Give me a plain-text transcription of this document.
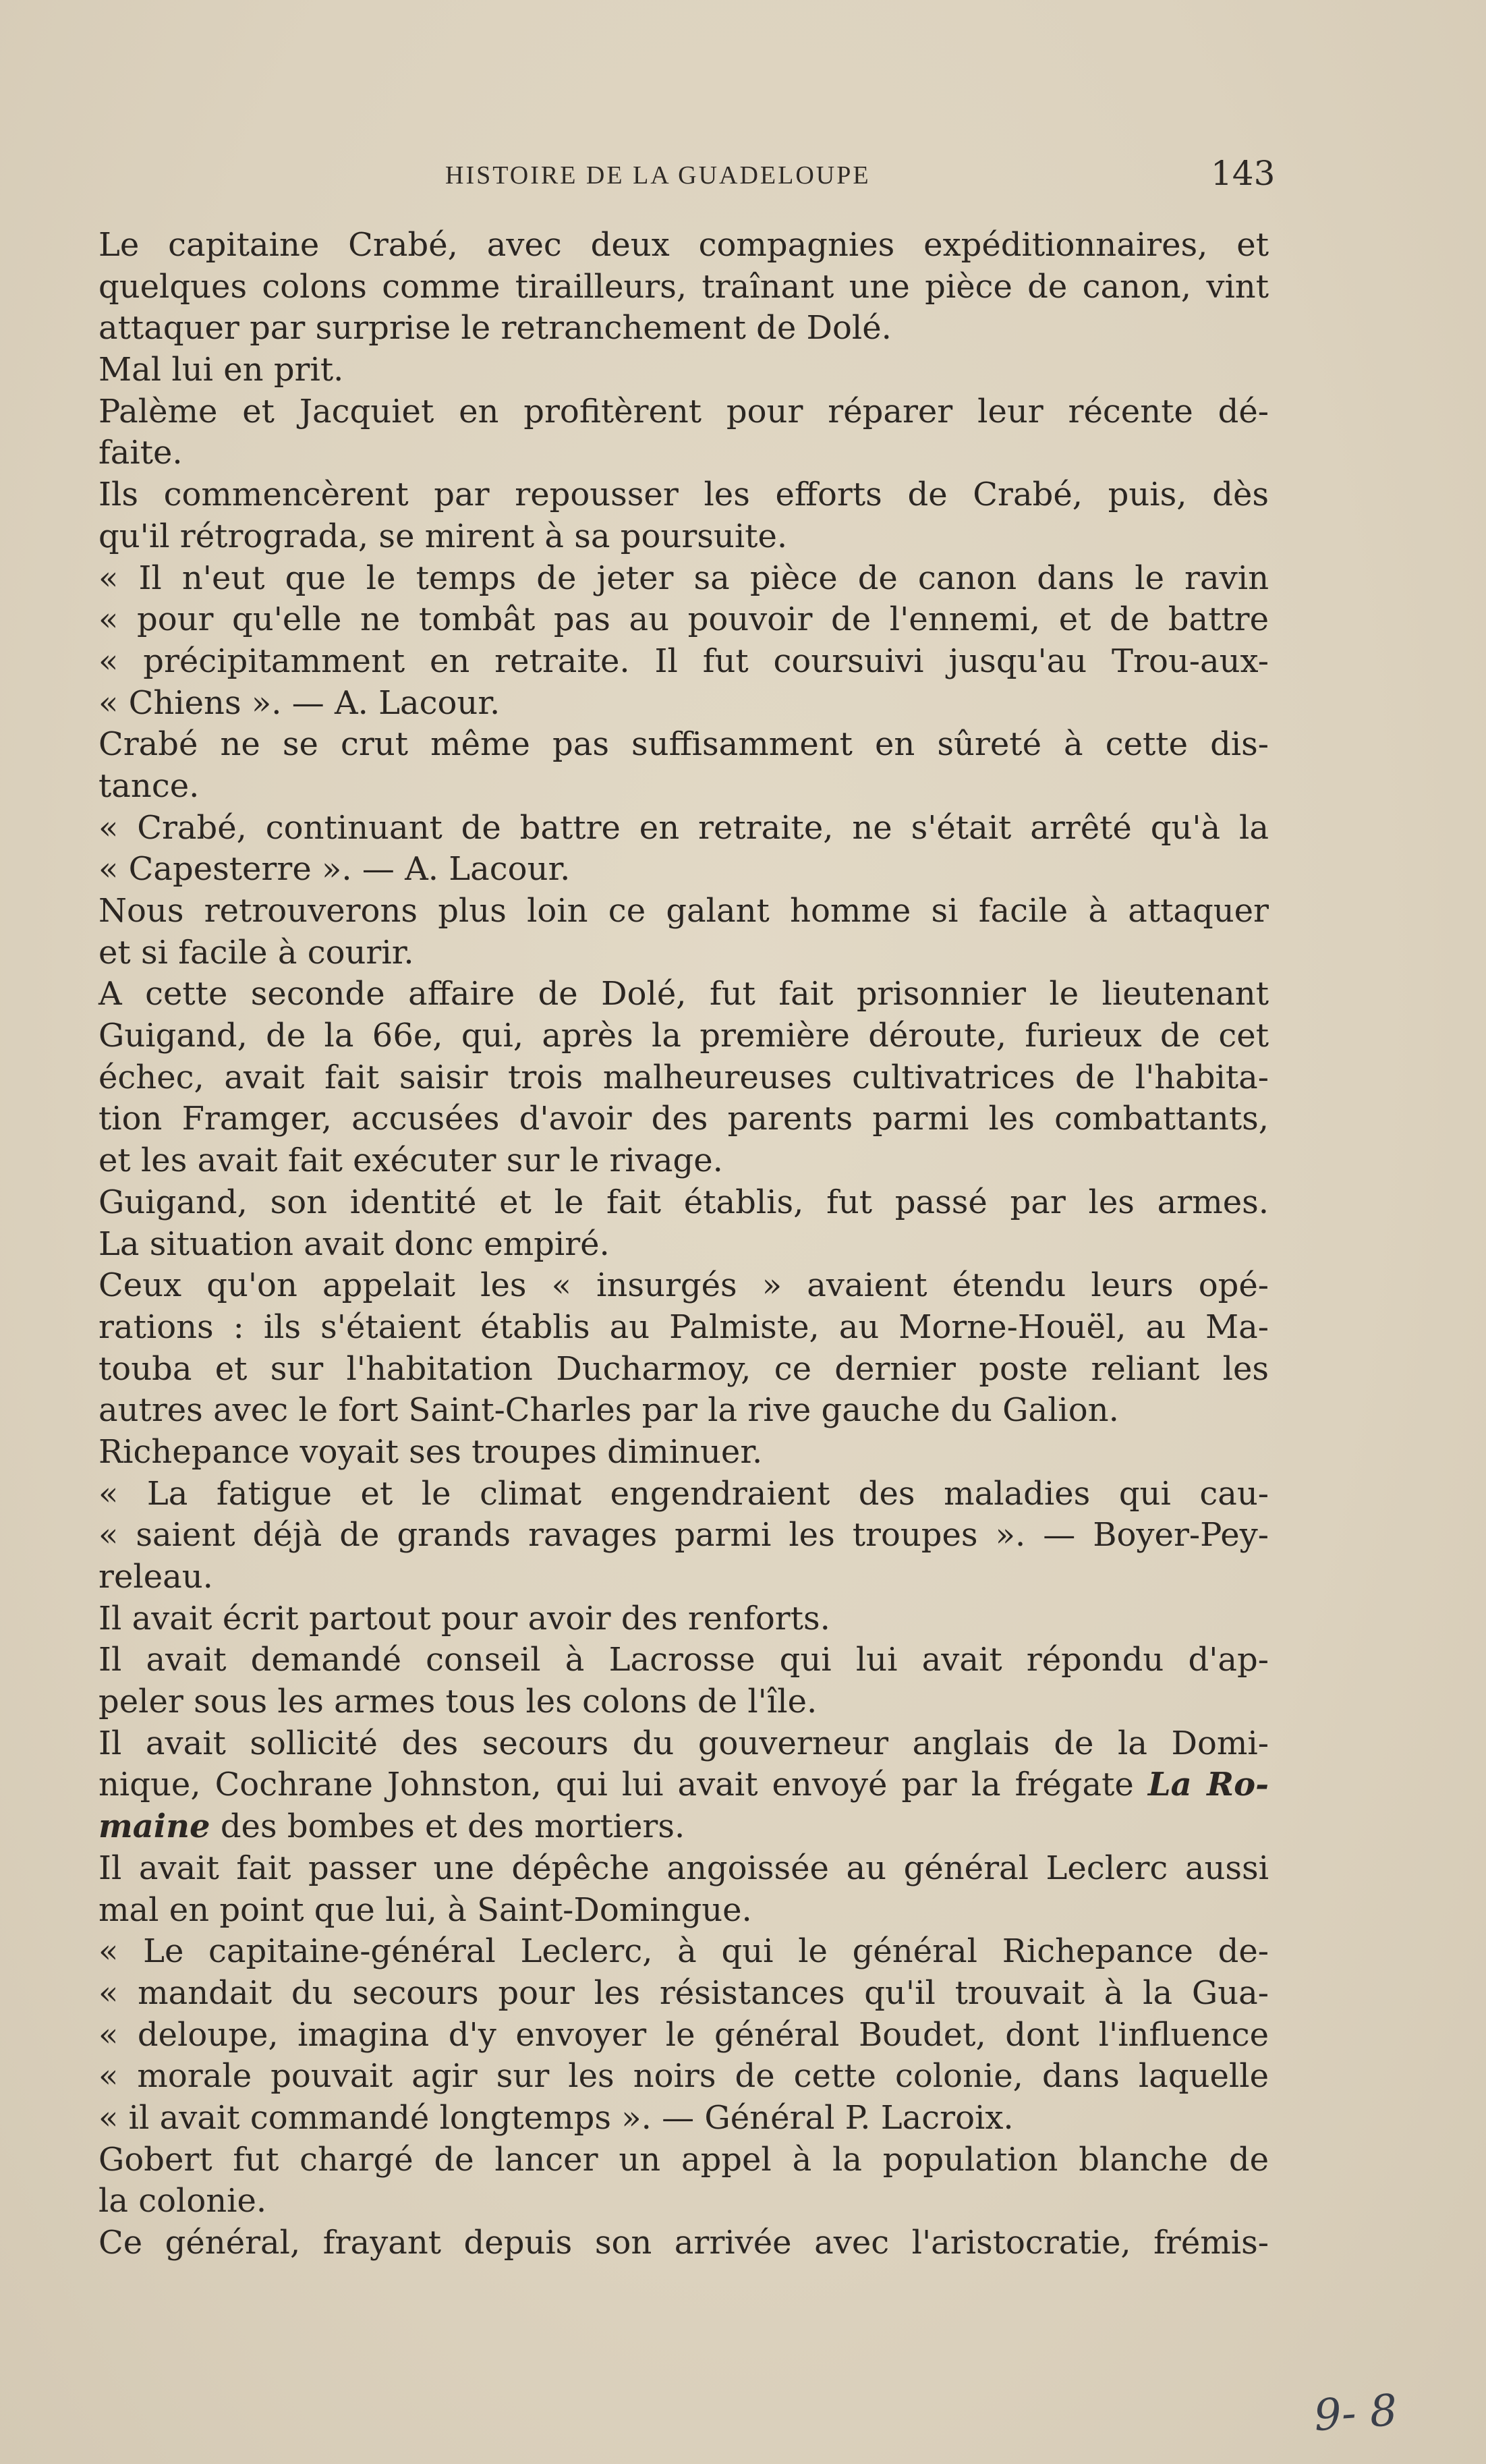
HISTOIRE DE LA GUADELOUPE	143
Le capitaine Crabé, avec deux compagnies expéditionnaires, et
quelques colons comme tirailleurs, traînant une pièce de canon, vint
attaquer par surprise le retranchement de Dolé.
Mal lui en prit.
Palème et Jacquiet en profitèrent pour réparer leur récente dé-
faite.
Ils commencèrent par repousser les efforts de Crabé, puis, dès
qu'il rétrograda, se mirent à sa poursuite.
« Il n'eut que le temps de jeter sa pièce de canon dans le ravin
« pour qu'elle ne tombât pas au pouvoir de l'ennemi, et de battre
« précipitamment en retraite. Il fut coursuivi jusqu'au Trou-aux-
« Chiens ». — A. Lacour.
Crabé ne se crut même pas suffisamment en sûreté à cette dis-
tance.
« Crabé, continuant de battre en retraite, ne s'était arrêté qu'à la
« Capesterre ». — A. Lacour.
Nous retrouverons plus loin ce galant homme si facile à attaquer
et si facile à courir.
A cette seconde affaire de Dolé, fut fait prisonnier le lieutenant
Guigand, de la 66e, qui, après la première déroute, furieux de cet
échec, avait fait saisir trois malheureuses cultivatrices de l'habita-
tion Framger, accusées d'avoir des parents parmi les combattants,
et les avait fait exécuter sur le rivage.
Guigand, son identité et le fait établis, fut passé par les armes.
La situation avait donc empiré.
Ceux qu'on appelait les « insurgés » avaient étendu leurs opé-
rations : ils s'étaient établis au Palmiste, au Morne-Houël, au Ma-
touba et sur l'habitation Ducharmoy, ce dernier poste reliant les
autres avec le fort Saint-Charles par la rive gauche du Galion.
Richepance voyait ses troupes diminuer.
« La fatigue et le climat engendraient des maladies qui cau-
« saient déjà de grands ravages parmi les troupes ». — Boyer-Pey-
releau.
Il avait écrit partout pour avoir des renforts.
Il avait demandé conseil à Lacrosse qui lui avait répondu d'ap-
peler sous les armes tous les colons de l'île.
Il avait sollicité des secours du gouverneur anglais de la Domi-
nique, Cochrane Johnston, qui lui avait envoyé par la frégate La Ro-
maine des bombes et des mortiers.
Il avait fait passer une dépêche angoissée au général Leclerc aussi
mal en point que lui, à Saint-Domingue.
« Le capitaine-général Leclerc, à qui le général Richepance de-
« mandait du secours pour les résistances qu'il trouvait à la Gua-
« deloupe, imagina d'y envoyer le général Boudet, dont l'influence
« morale pouvait agir sur les noirs de cette colonie, dans laquelle
« il avait commandé longtemps ». — Général P. Lacroix.
Gobert fut chargé de lancer un appel à la population blanche de
la colonie.
Ce général, frayant depuis son arrivée avec l'aristocratie, frémis-
9- 8
